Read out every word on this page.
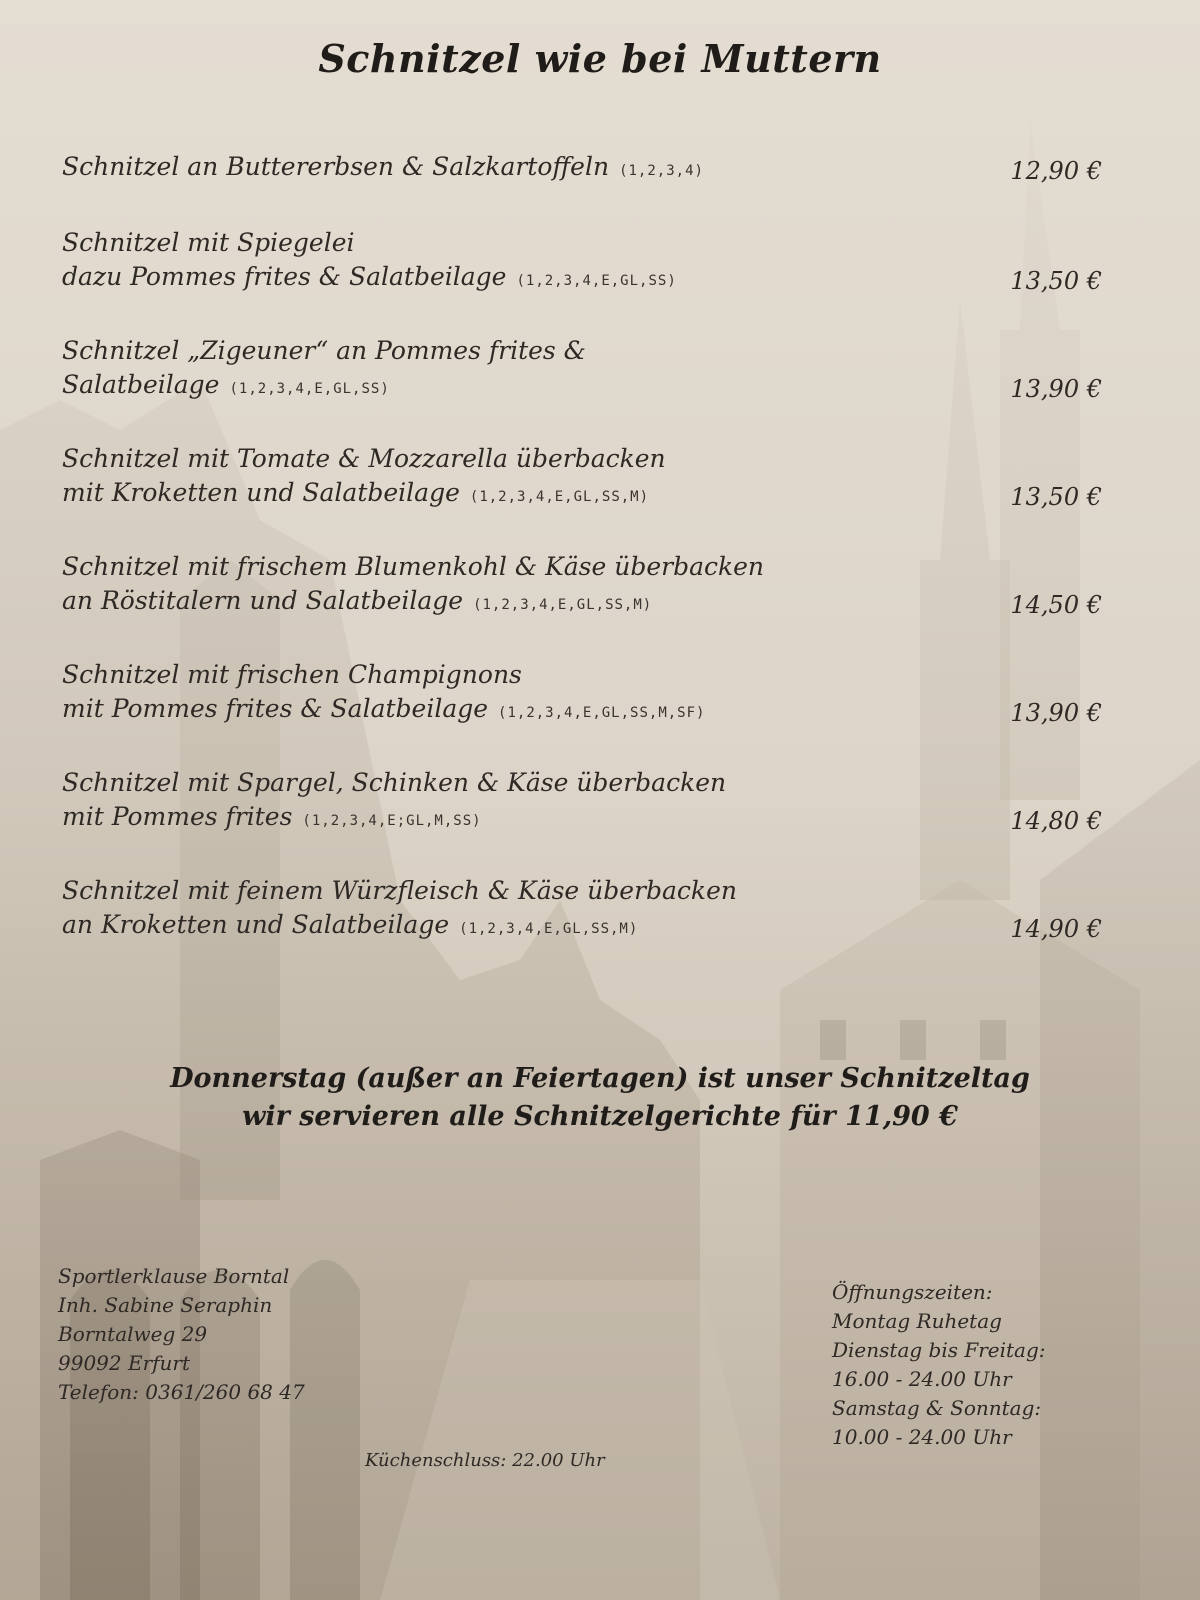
Schnitzel wie bei Muttern
Schnitzel an Buttererbsen & Salzkartoffeln (1,2,3,4)	12,90 €
Schnitzel mit Spiegelei
dazu Pommes frites & Salatbeilage (1,2,3,4,E,GL,SS)	13,50 €
Schnitzel „Zigeuner“ an Pommes frites &
Salatbeilage (1,2,3,4,E,GL,SS)	13,90 €
Schnitzel mit Tomate & Mozzarella überbacken
mit Kroketten und Salatbeilage (1,2,3,4,E,GL,SS,M)	13,50 €
Schnitzel mit frischem Blumenkohl & Käse überbacken
an Röstitalern und Salatbeilage (1,2,3,4,E,GL,SS,M)	14,50 €
Schnitzel mit frischen Champignons
mit Pommes frites & Salatbeilage (1,2,3,4,E,GL,SS,M,SF)	13,90 €
Schnitzel mit Spargel, Schinken & Käse überbacken
mit Pommes frites (1,2,3,4,E;GL,M,SS)	14,80 €
Schnitzel mit feinem Würzfleisch & Käse überbacken
an Kroketten und Salatbeilage (1,2,3,4,E,GL,SS,M)	14,90 €
Donnerstag (außer an Feiertagen) ist unser Schnitzeltag
wir servieren alle Schnitzelgerichte für 11,90 €
Sportlerklause Borntal
Inh. Sabine Seraphin
Borntalweg 29
99092 Erfurt
Telefon: 0361/260 68 47
Öffnungszeiten:
Montag Ruhetag
Dienstag bis Freitag:
16.00 - 24.00 Uhr
Samstag & Sonntag:
10.00 - 24.00 Uhr
Küchenschluss: 22.00 Uhr
